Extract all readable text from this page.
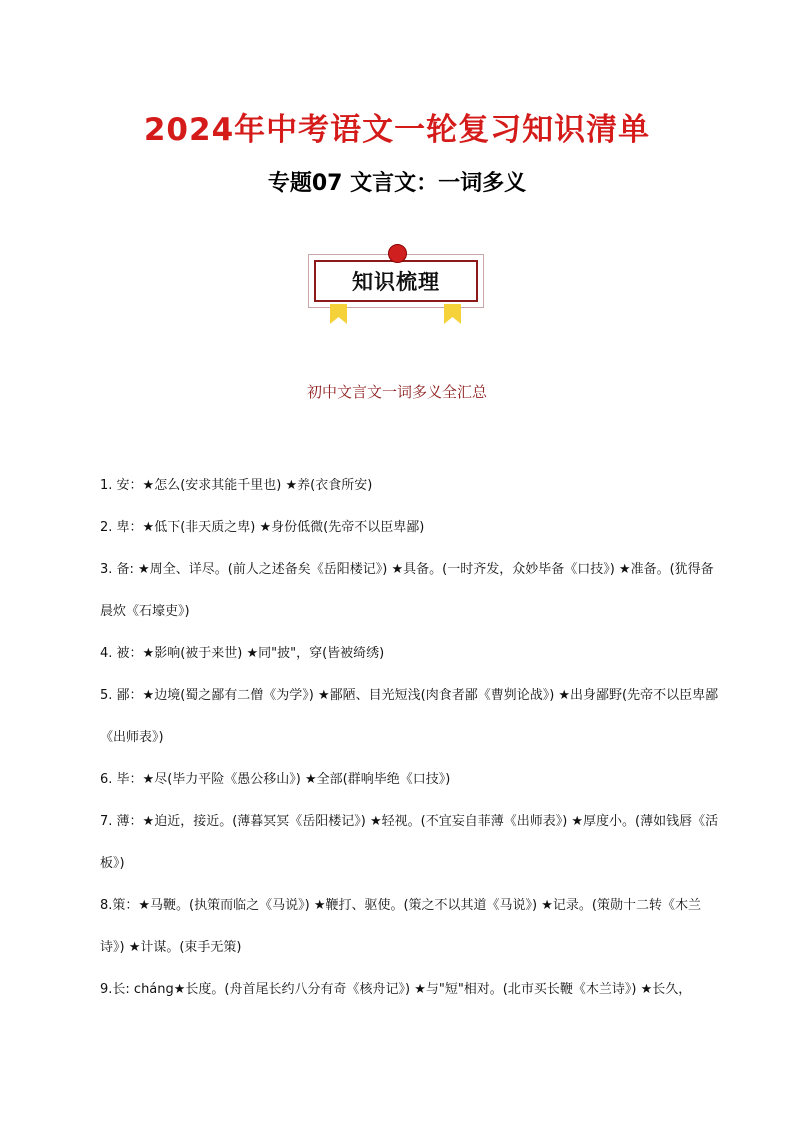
2024年中考语文一轮复习知识清单
专题07 文言文：一词多义
知识梳理
初中文言文一词多义全汇总

1. 安：★怎么(安求其能千里也) ★养(衣食所安)

2. 卑：★低下(非天质之卑) ★身份低微(先帝不以臣卑鄙)

3. 备: ★周全、详尽。(前人之述备矣《岳阳楼记》) ★具备。(一时齐发，众妙毕备《口技》) ★准备。(犹得备晨炊《石壕吏》)

4. 被：★影响(被于来世) ★同"披"，穿(皆被绮绣)

5. 鄙：★边境(蜀之鄙有二僧《为学》) ★鄙陋、目光短浅(肉食者鄙《曹刿论战》) ★出身鄙野(先帝不以臣卑鄙《出师表》)

6. 毕：★尽(毕力平险《愚公移山》) ★全部(群响毕绝《口技》)

7. 薄：★迫近，接近。(薄暮冥冥《岳阳楼记》) ★轻视。(不宜妄自菲薄《出师表》) ★厚度小。(薄如钱唇《活板》)

8.策：★马鞭。(执策而临之《马说》) ★鞭打、驱使。(策之不以其道《马说》) ★记录。(策勋十二转《木兰诗》) ★计谋。(束手无策)

9.长: cháng★长度。(舟首尾长约八分有奇《核舟记》) ★与"短"相对。(北市买长鞭《木兰诗》) ★长久，
